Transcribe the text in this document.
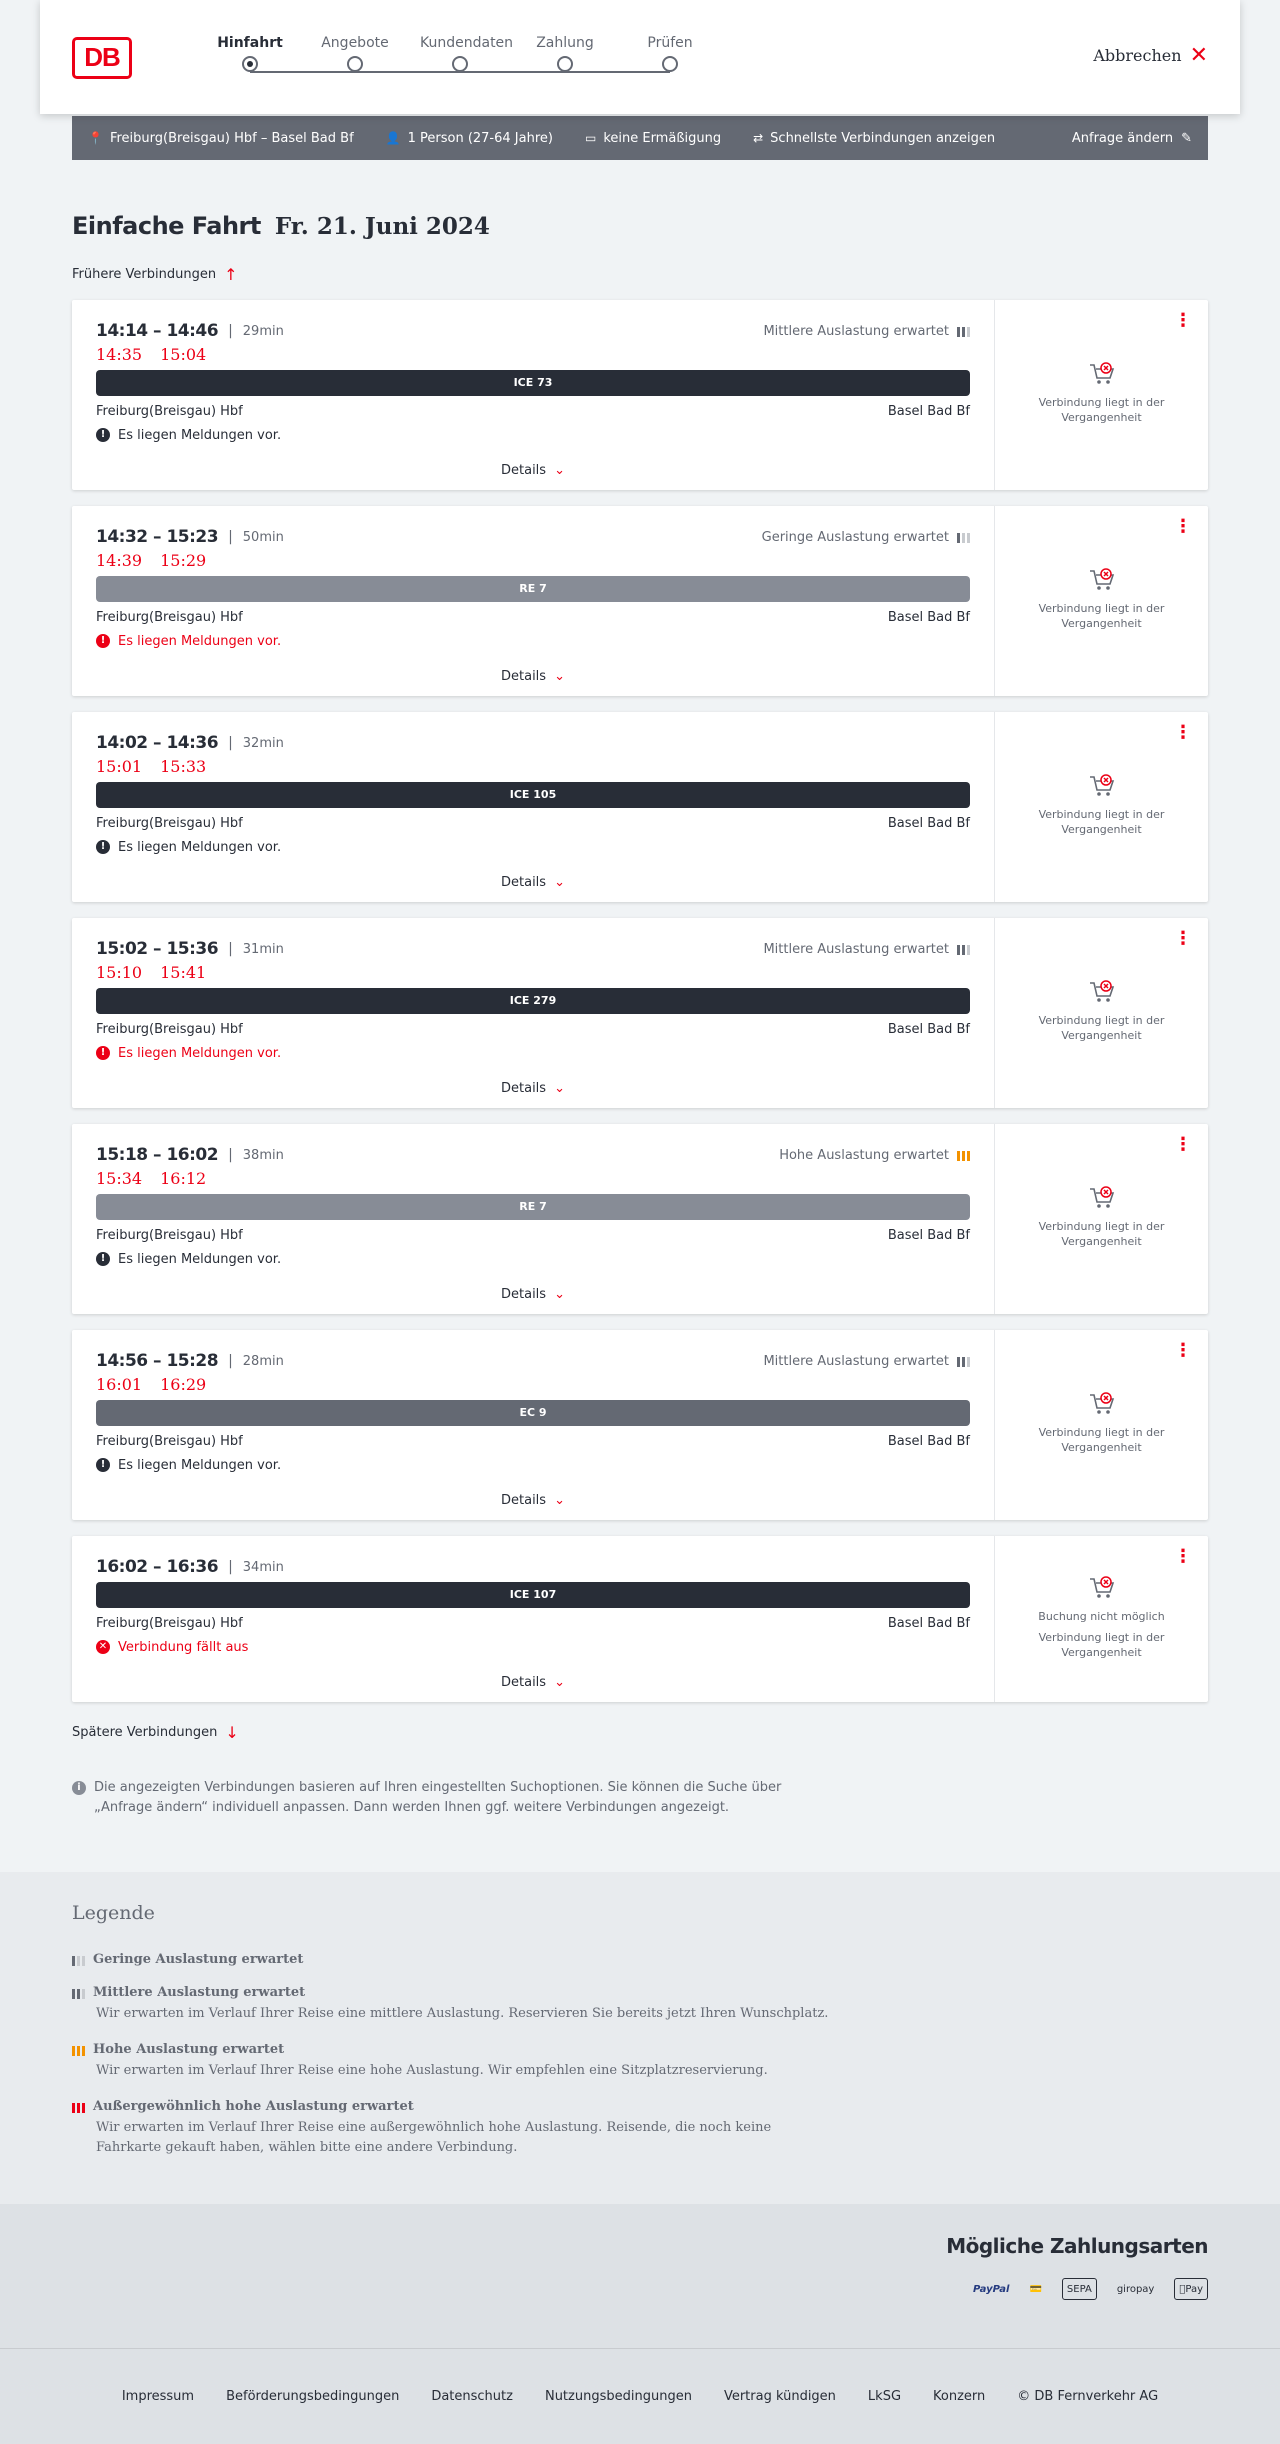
DB	Hinfahrt	Angebote	Kundendaten	Zahlung	Prüfen
Abbrechen ✕
📍 Freiburg(Breisgau) Hbf – Basel Bad Bf	👤 1 Person (27-64 Jahre)	▭ keine Ermäßigung	⇄ Schnellste Verbindungen anzeigen	Anfrage ändern ✎
Einfache Fahrt Fr. 21. Juni 2024
Frühere Verbindungen ↑
14:14 – 14:46 | 29min	Mittlere Auslastung erwartet
14:35 15:04
ICE 73
Freiburg(Breisgau) Hbf	Basel Bad Bf
! Es liegen Meldungen vor.
Details ⌄
⋮
Verbindung liegt in der Vergangenheit
14:32 – 15:23 | 50min	Geringe Auslastung erwartet
14:39 15:29
RE 7
Freiburg(Breisgau) Hbf	Basel Bad Bf
! Es liegen Meldungen vor.
Details ⌄
⋮
Verbindung liegt in der Vergangenheit
14:02 – 14:36 | 32min
15:01 15:33
ICE 105
Freiburg(Breisgau) Hbf	Basel Bad Bf
! Es liegen Meldungen vor.
Details ⌄
⋮
Verbindung liegt in der Vergangenheit
15:02 – 15:36 | 31min	Mittlere Auslastung erwartet
15:10 15:41
ICE 279
Freiburg(Breisgau) Hbf	Basel Bad Bf
! Es liegen Meldungen vor.
Details ⌄
⋮
Verbindung liegt in der Vergangenheit
15:18 – 16:02 | 38min	Hohe Auslastung erwartet
15:34 16:12
RE 7
Freiburg(Breisgau) Hbf	Basel Bad Bf
! Es liegen Meldungen vor.
Details ⌄
⋮
Verbindung liegt in der Vergangenheit
14:56 – 15:28 | 28min	Mittlere Auslastung erwartet
16:01 16:29
EC 9
Freiburg(Breisgau) Hbf	Basel Bad Bf
! Es liegen Meldungen vor.
Details ⌄
⋮
Verbindung liegt in der Vergangenheit
16:02 – 16:36 | 34min
ICE 107
Freiburg(Breisgau) Hbf	Basel Bad Bf
✕ Verbindung fällt aus
Details ⌄
⋮
Buchung nicht möglich
Verbindung liegt in der Vergangenheit
Spätere Verbindungen ↓
i	Die angezeigten Verbindungen basieren auf Ihren eingestellten Suchoptionen. Sie können die Suche über „Anfrage ändern“ individuell anpassen. Dann werden Ihnen ggf. weitere Verbindungen angezeigt.
Legende
Geringe Auslastung erwartet
Mittlere Auslastung erwartet
Wir erwarten im Verlauf Ihrer Reise eine mittlere Auslastung. Reservieren Sie bereits jetzt Ihren Wunschplatz.
Hohe Auslastung erwartet
Wir erwarten im Verlauf Ihrer Reise eine hohe Auslastung. Wir empfehlen eine Sitzplatzreservierung.
Außergewöhnlich hohe Auslastung erwartet
Wir erwarten im Verlauf Ihrer Reise eine außergewöhnlich hohe Auslastung. Reisende, die noch keine Fahrkarte gekauft haben, wählen bitte eine andere Verbindung.
Mögliche Zahlungsarten
PayPal	💳	SEPA	giropay	Pay
Impressum Beförderungsbedingungen Datenschutz Nutzungsbedingungen Vertrag kündigen LkSG Konzern © DB Fernverkehr AG
